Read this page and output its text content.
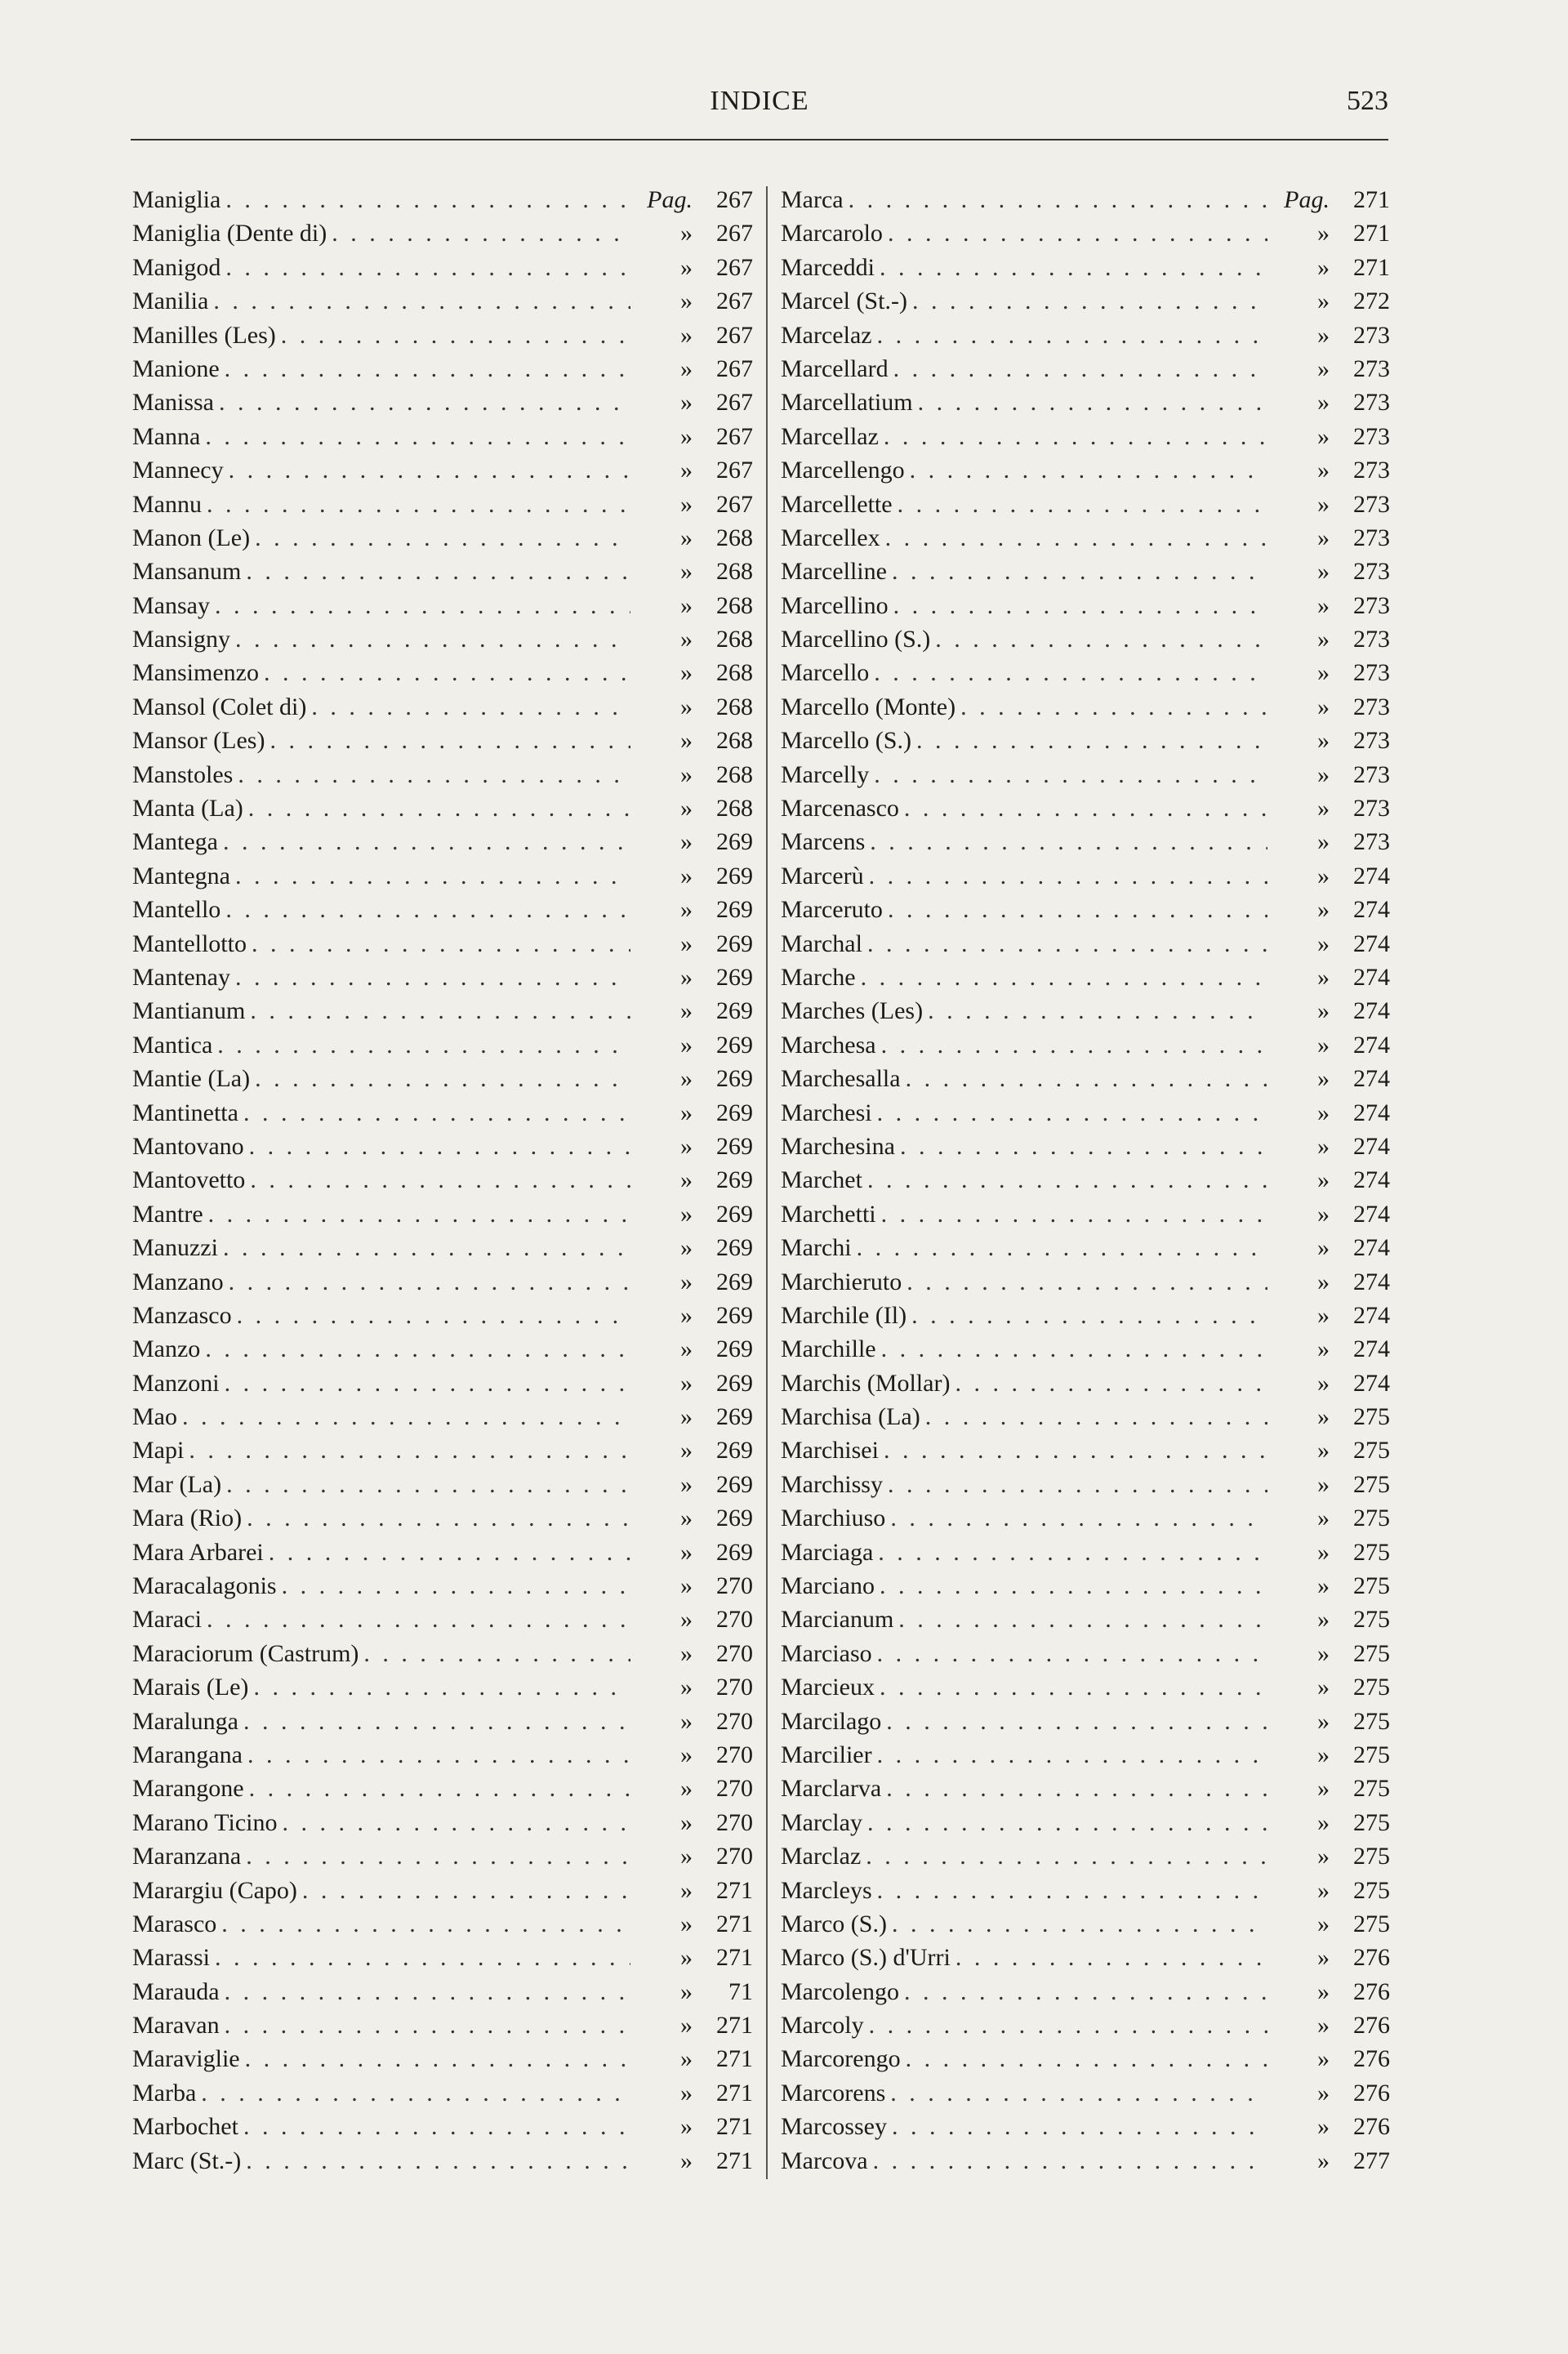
INDICE	523
Maniglia . . .	Pag. 267
Maniglia (Dente di) . . .	» 267
Manigod . . .	» 267
Manilia . . .	» 267
Manilles (Les) . . .	» 267
Manione . . .	» 267
Manissa . . .	» 267
Manna . . .	» 267
Mannecy . . .	» 267
Mannu . . .	» 267
Manon (Le) . . .	» 268
Mansanum . . .	» 268
Mansay . . .	» 268
Mansigny . . .	» 268
Mansimenzo . . .	» 268
Mansol (Colet di) . . .	» 268
Mansor (Les) . . .	» 268
Manstoles . . .	» 268
Manta (La) . . .	» 268
Mantega . . .	» 269
Mantegna . . .	» 269
Mantello . . .	» 269
Mantellotto . . .	» 269
Mantenay . . .	» 269
Mantianum . . .	» 269
Mantica . . .	» 269
Mantie (La) . . .	» 269
Mantinetta . . .	» 269
Mantovano . . .	» 269
Mantovetto . . .	» 269
Mantre . . .	» 269
Manuzzi . . .	» 269
Manzano . . .	» 269
Manzasco . . .	» 269
Manzo . . .	» 269
Manzoni . . .	» 269
Mao . . .	» 269
Mapi . . .	» 269
Mar (La) . . .	» 269
Mara (Rio) . . .	» 269
Mara Arbarei . . .	» 269
Maracalagonis . . .	» 270
Maraci . . .	» 270
Maraciorum (Castrum) . . .	» 270
Marais (Le) . . .	» 270
Maralunga . . .	» 270
Marangana . . .	» 270
Marangone . . .	» 270
Marano Ticino . . .	» 270
Maranzana . . .	» 270
Marargiu (Capo) . . .	» 271
Marasco . . .	» 271
Marassi . . .	» 271
Marauda . . .	»	71
Maravan . . .	» 271
Maraviglie . . .	» 271
Marba . . .	» 271
Marbochet . . .	» 271
Marc (St.-) . . .	» 271
Marca . . .	Pag. 271
Marcarolo . . .	» 271
Marceddi . . .	» 271
Marcel (St.-) . . .	» 272
Marcelaz . . .	» 273
Marcellard . . .	» 273
Marcellatium . . .	» 273
Marcellaz . . .	» 273
Marcellengo . . .	» 273
Marcellette . . .	» 273
Marcellex . . .	» 273
Marcelline . . .	» 273
Marcellino . . .	» 273
Marcellino (S.) . . .	» 273
Marcello . . .	» 273
Marcello (Monte) . . .	» 273
Marcello (S.) . . .	» 273
Marcelly . . .	» 273
Marcenasco . . .	» 273
Marcens . . .	» 273
Marcerù . . .	» 274
Marceruto . . .	» 274
Marchal . . .	» 274
Marche . . .	» 274
Marches (Les) . . .	» 274
Marchesa . . .	» 274
Marchesalla . . .	» 274
Marchesi . . .	» 274
Marchesina . . .	» 274
Marchet . . .	» 274
Marchetti . . .	» 274
Marchi . . .	» 274
Marchieruto . . .	» 274
Marchile (Il) . . .	» 274
Marchille . . .	» 274
Marchis (Mollar) . . .	» 274
Marchisa (La) . . .	» 275
Marchisei . . .	» 275
Marchissy . . .	» 275
Marchiuso . . .	» 275
Marciaga . . .	» 275
Marciano . . .	» 275
Marcianum . . .	» 275
Marciaso . . .	» 275
Marcieux . . .	» 275
Marcilago . . .	» 275
Marcilier . . .	» 275
Marclarva . . .	» 275
Marclay . . .	» 275
Marclaz . . .	» 275
Marcleys . . .	» 275
Marco (S.) . . .	» 275
Marco (S.) d'Urri . . .	» 276
Marcolengo . . .	» 276
Marcoly . . .	» 276
Marcorengo . . .	» 276
Marcorens . . .	» 276
Marcossey . . .	» 276
Marcova . . .	» 277
